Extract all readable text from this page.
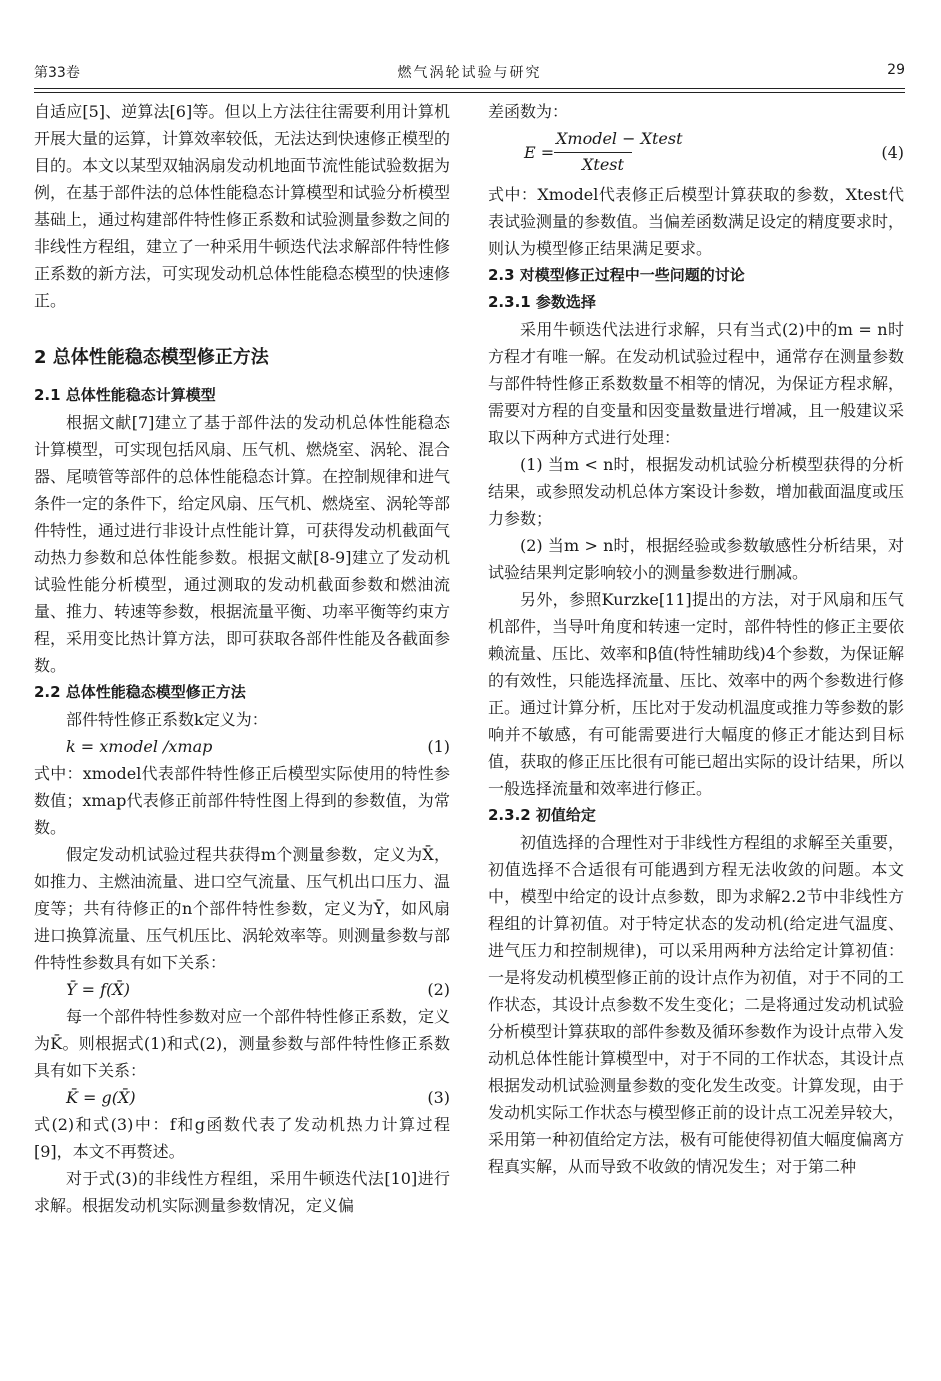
第33卷	燃气涡轮试验与研究	29

自适应[5]、逆算法[6]等。但以上方法往往需要利用计算机开展大量的运算，计算效率较低，无法达到快速修正模型的目的。本文以某型双轴涡扇发动机地面节流性能试验数据为例，在基于部件法的总体性能稳态计算模型和试验分析模型基础上，通过构建部件特性修正系数和试验测量参数之间的非线性方程组，建立了一种采用牛顿迭代法求解部件特性修正系数的新方法，可实现发动机总体性能稳态模型的快速修正。

2 总体性能稳态模型修正方法
2.1 总体性能稳态计算模型

根据文献[7]建立了基于部件法的发动机总体性能稳态计算模型，可实现包括风扇、压气机、燃烧室、涡轮、混合器、尾喷管等部件的总体性能稳态计算。在控制规律和进气条件一定的条件下，给定风扇、压气机、燃烧室、涡轮等部件特性，通过进行非设计点性能计算，可获得发动机截面气动热力参数和总体性能参数。根据文献[8-9]建立了发动机试验性能分析模型，通过测取的发动机截面参数和燃油流量、推力、转速等参数，根据流量平衡、功率平衡等约束方程，采用变比热计算方法，即可获取各部件性能及各截面参数。

2.2 总体性能稳态模型修正方法

部件特性修正系数k定义为：

k = xmodel /xmap	(1)

式中：xmodel代表部件特性修正后模型实际使用的特性参数值；xmap代表修正前部件特性图上得到的参数值，为常数。

假定发动机试验过程共获得m个测量参数，定义为X̄，如推力、主燃油流量、进口空气流量、压气机出口压力、温度等；共有待修正的n个部件特性参数，定义为Ȳ，如风扇进口换算流量、压气机压比、涡轮效率等。则测量参数与部件特性参数具有如下关系：

Ȳ = f(X̄)	(2)

每一个部件特性参数对应一个部件特性修正系数，定义为K̄。则根据式(1)和式(2)，测量参数与部件特性修正系数具有如下关系：

K̄ = g(X̄)	(3)

式(2)和式(3)中：f和g函数代表了发动机热力计算过程[9]，本文不再赘述。

对于式(3)的非线性方程组，采用牛顿迭代法[10]进行求解。根据发动机实际测量参数情况，定义偏

差函数为：

E =
Xmodel − Xtest
Xtest
(4)

式中：Xmodel代表修正后模型计算获取的参数，Xtest代表试验测量的参数值。当偏差函数满足设定的精度要求时，则认为模型修正结果满足要求。

2.3 对模型修正过程中一些问题的讨论
2.3.1 参数选择

采用牛顿迭代法进行求解，只有当式(2)中的m = n时方程才有唯一解。在发动机试验过程中，通常存在测量参数与部件特性修正系数数量不相等的情况，为保证方程求解，需要对方程的自变量和因变量数量进行增减，且一般建议采取以下两种方式进行处理：

(1) 当m < n时，根据发动机试验分析模型获得的分析结果，或参照发动机总体方案设计参数，增加截面温度或压力参数；

(2) 当m > n时，根据经验或参数敏感性分析结果，对试验结果判定影响较小的测量参数进行删减。

另外，参照Kurzke[11]提出的方法，对于风扇和压气机部件，当导叶角度和转速一定时，部件特性的修正主要依赖流量、压比、效率和β值(特性辅助线)4个参数，为保证解的有效性，只能选择流量、压比、效率中的两个参数进行修正。通过计算分析，压比对于发动机温度或推力等参数的影响并不敏感，有可能需要进行大幅度的修正才能达到目标值，获取的修正压比很有可能已超出实际的设计结果，所以一般选择流量和效率进行修正。

2.3.2 初值给定

初值选择的合理性对于非线性方程组的求解至关重要，初值选择不合适很有可能遇到方程无法收敛的问题。本文中，模型中给定的设计点参数，即为求解2.2节中非线性方程组的计算初值。对于特定状态的发动机(给定进气温度、进气压力和控制规律)，可以采用两种方法给定计算初值：一是将发动机模型修正前的设计点作为初值，对于不同的工作状态，其设计点参数不发生变化；二是将通过发动机试验分析模型计算获取的部件参数及循环参数作为设计点带入发动机总体性能计算模型中，对于不同的工作状态，其设计点根据发动机试验测量参数的变化发生改变。计算发现，由于发动机实际工作状态与模型修正前的设计点工况差异较大，采用第一种初值给定方法，极有可能使得初值大幅度偏离方程真实解，从而导致不收敛的情况发生；对于第二种
